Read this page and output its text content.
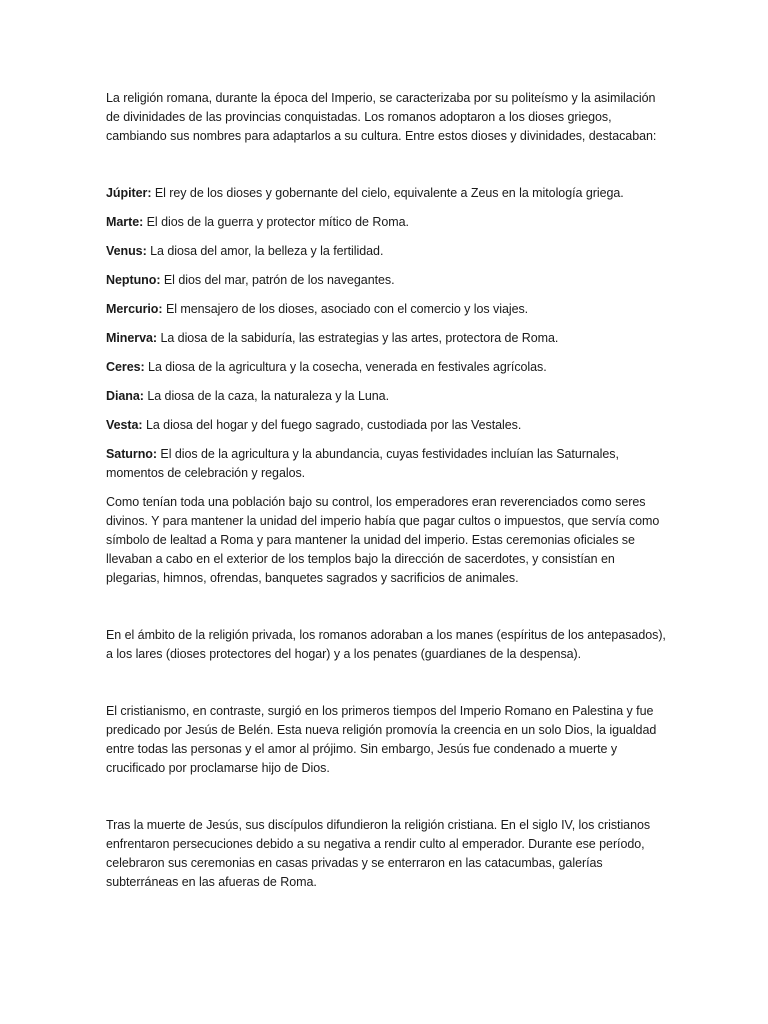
La religión romana, durante la época del Imperio, se caracterizaba por su politeísmo y la asimilación de divinidades de las provincias conquistadas. Los romanos adoptaron a los dioses griegos, cambiando sus nombres para adaptarlos a su cultura. Entre estos dioses y divinidades, destacaban:

Júpiter: El rey de los dioses y gobernante del cielo, equivalente a Zeus en la mitología griega.

Marte: El dios de la guerra y protector mítico de Roma.

Venus: La diosa del amor, la belleza y la fertilidad.

Neptuno: El dios del mar, patrón de los navegantes.

Mercurio: El mensajero de los dioses, asociado con el comercio y los viajes.

Minerva: La diosa de la sabiduría, las estrategias y las artes, protectora de Roma.

Ceres: La diosa de la agricultura y la cosecha, venerada en festivales agrícolas.

Diana: La diosa de la caza, la naturaleza y la Luna.

Vesta: La diosa del hogar y del fuego sagrado, custodiada por las Vestales.

Saturno: El dios de la agricultura y la abundancia, cuyas festividades incluían las Saturnales, momentos de celebración y regalos.

Como tenían toda una población bajo su control, los emperadores eran reverenciados como seres divinos. Y para mantener la unidad del imperio había que pagar cultos o impuestos, que servía como símbolo de lealtad a Roma y para mantener la unidad del imperio. Estas ceremonias oficiales se llevaban a cabo en el exterior de los templos bajo la dirección de sacerdotes, y consistían en plegarias, himnos, ofrendas, banquetes sagrados y sacrificios de animales.

En el ámbito de la religión privada, los romanos adoraban a los manes (espíritus de los antepasados), a los lares (dioses protectores del hogar) y a los penates (guardianes de la despensa).

El cristianismo, en contraste, surgió en los primeros tiempos del Imperio Romano en Palestina y fue predicado por Jesús de Belén. Esta nueva religión promovía la creencia en un solo Dios, la igualdad entre todas las personas y el amor al prójimo. Sin embargo, Jesús fue condenado a muerte y crucificado por proclamarse hijo de Dios.

Tras la muerte de Jesús, sus discípulos difundieron la religión cristiana. En el siglo IV, los cristianos enfrentaron persecuciones debido a su negativa a rendir culto al emperador. Durante ese período, celebraron sus ceremonias en casas privadas y se enterraron en las catacumbas, galerías subterráneas en las afueras de Roma.
